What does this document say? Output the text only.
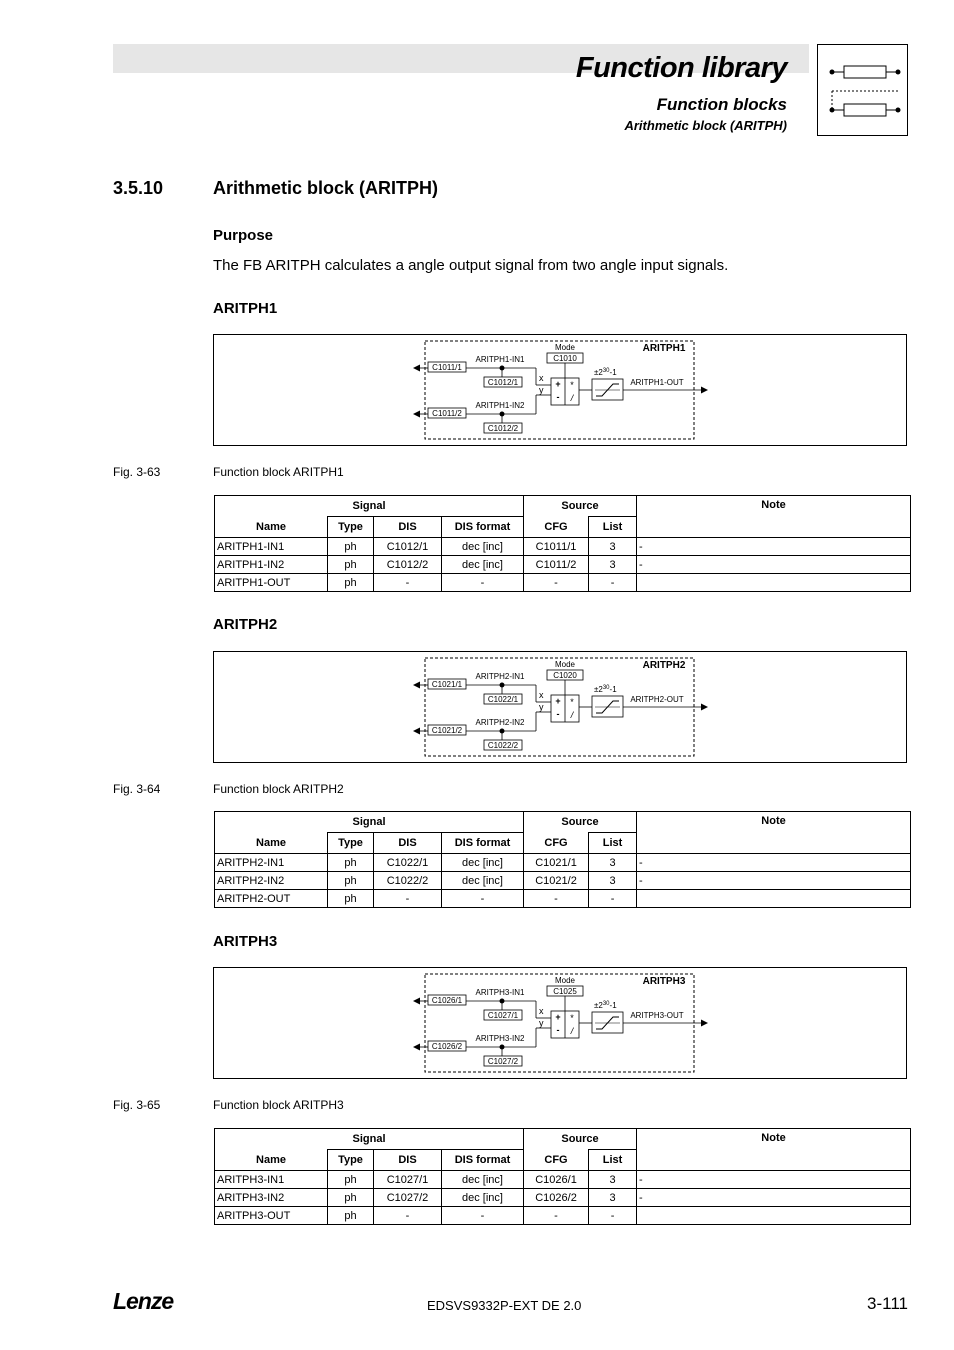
Function library
Function blocks
Arithmetic block (ARITPH)
3.5.10	Arithmetic block (ARITPH)
Purpose
The FB ARITPH calculates a angle output signal from two angle input signals.
ARITPH1
ARITPH1
Mode
C1010
C1011/1
ARITPH1-IN1
C1012/1 x
C1011/2
ARITPH1-IN2
C1012/2
y
+
-
*
/
$\pm 2^{30}-1$
ARITPH1-OUT
Fig. 3-63	Function block ARITPH1
Signal				Source		Note
Name	Type	DIS	DIS format	CFG	List	
ARITPH1-IN1	ph	C1012/1	dec [inc]	C1011/1	3	-
ARITPH1-IN2	ph	C1012/2	dec [inc]	C1011/2	3	-
ARITPH1-OUT	ph	-	-	-	-	
ARITPH2
ARITPH2
Mode
C1020
C1021/1
ARITPH2-IN1
C1022/1 x
C1021/2
ARITPH2-IN2
C1022/2
y
+
-
*
/
$\pm 2^{30}-1$
ARITPH2-OUT
Fig. 3-64	Function block ARITPH2
Signal				Source		Note
Name	Type	DIS	DIS format	CFG	List	
ARITPH2-IN1	ph	C1022/1	dec [inc]	C1021/1	3	-
ARITPH2-IN2	ph	C1022/2	dec [inc]	C1021/2	3	-
ARITPH2-OUT	ph	-	-	-	-	
ARITPH3
ARITPH3
Mode
C1025
C1026/1
ARITPH3-IN1
C1027/1 x
C1026/2
ARITPH3-IN2
C1027/2
y
+
-
*
/
$\pm 2^{30}-1$
ARITPH3-OUT
Fig. 3-65	Function block ARITPH3
Signal				Source		Note
Name	Type	DIS	DIS format	CFG	List	
ARITPH3-IN1	ph	C1027/1	dec [inc]	C1026/1	3	-
ARITPH3-IN2	ph	C1027/2	dec [inc]	C1026/2	3	-
ARITPH3-OUT	ph	-	-	-	-	
Lenze	EDSVS9332P-EXT DE 2.0	3-111
